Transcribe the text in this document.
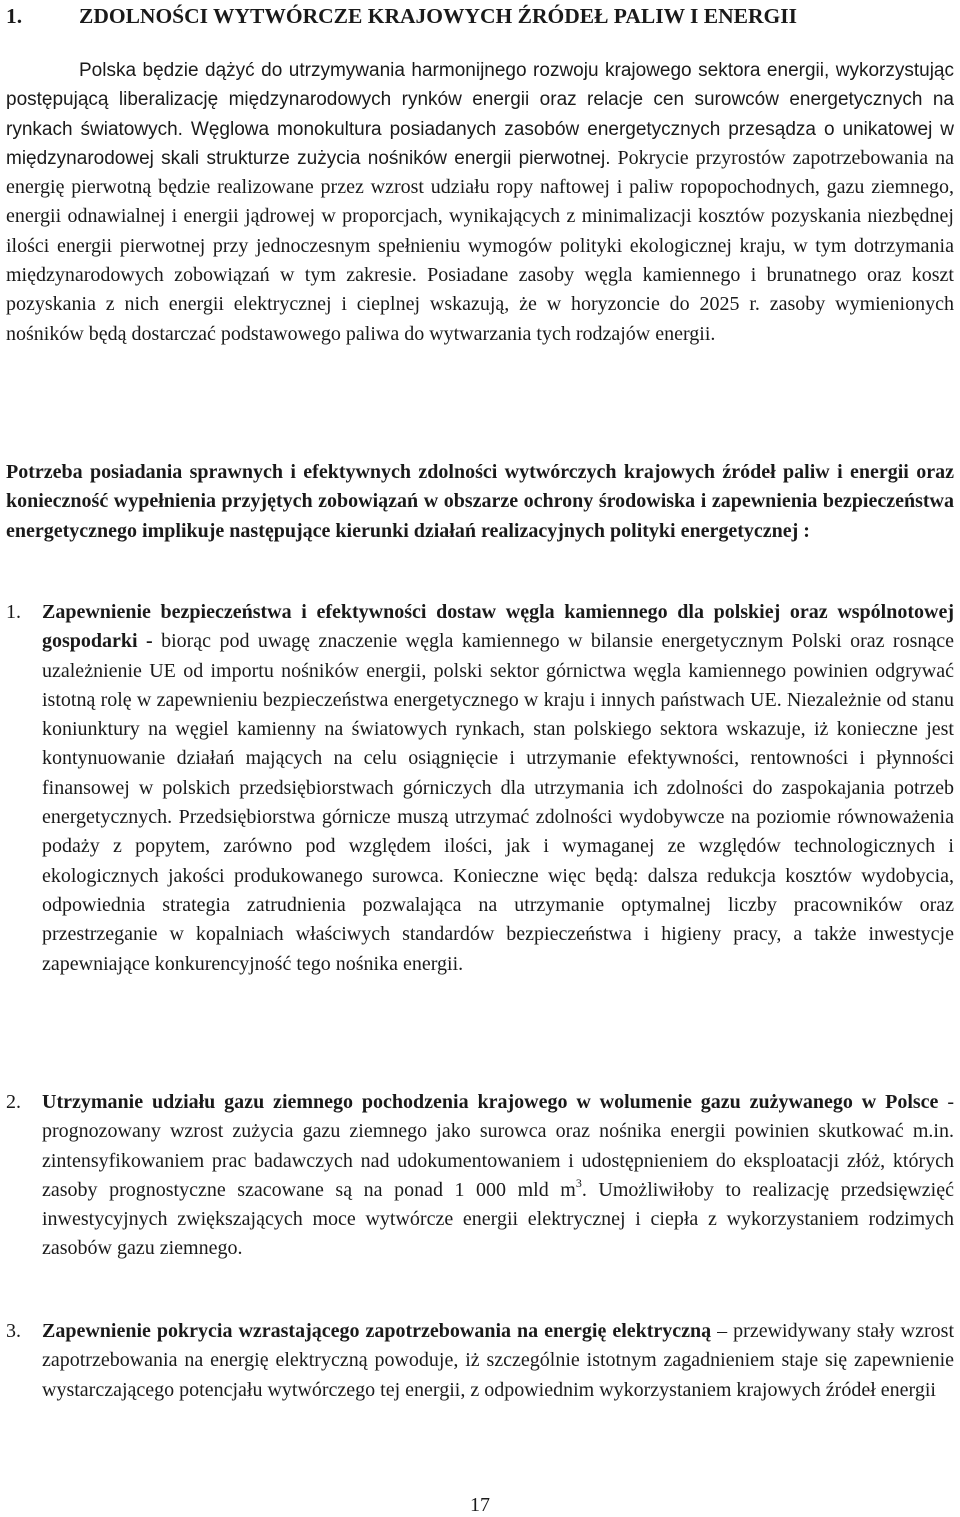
1.	ZDOLNOŚCI WYTWÓRCZE KRAJOWYCH ŹRÓDEŁ PALIW I ENERGII

Polska będzie dążyć do utrzymywania harmonijnego rozwoju krajowego sektora energii, wykorzystując postępującą liberalizację międzynarodowych rynków energii oraz relacje cen surowców energetycznych na rynkach światowych. Węglowa monokultura posiadanych zasobów energetycznych przesądza o unikatowej w międzynarodowej skali strukturze zużycia nośników energii pierwotnej. Pokrycie przyrostów zapotrzebowania na energię pierwotną będzie realizowane przez wzrost udziału ropy naftowej i paliw ropopochodnych, gazu ziemnego, energii odnawialnej i energii jądrowej w proporcjach, wynikających z minimalizacji kosztów pozyskania niezbędnej ilości energii pierwotnej przy jednoczesnym spełnieniu wymogów polityki ekologicznej kraju, w tym dotrzymania międzynarodowych zobowiązań w tym zakresie. Posiadane zasoby węgla kamiennego i brunatnego oraz koszt pozyskania z nich energii elektrycznej i cieplnej wskazują, że w horyzoncie do 2025 r. zasoby wymienionych nośników będą dostarczać podstawowego paliwa do wytwarzania tych rodzajów energii.

Potrzeba posiadania sprawnych i efektywnych zdolności wytwórczych krajowych źródeł paliw i energii oraz konieczność wypełnienia przyjętych zobowiązań w obszarze ochrony środowiska i zapewnienia bezpieczeństwa energetycznego implikuje następujące kierunki działań realizacyjnych polityki energetycznej :

1. Zapewnienie bezpieczeństwa i efektywności dostaw węgla kamiennego dla polskiej oraz wspólnotowej gospodarki - biorąc pod uwagę znaczenie węgla kamiennego w bilansie energetycznym Polski oraz rosnące uzależnienie UE od importu nośników energii, polski sektor górnictwa węgla kamiennego powinien odgrywać istotną rolę w zapewnieniu bezpieczeństwa energetycznego w kraju i innych państwach UE. Niezależnie od stanu koniunktury na węgiel kamienny na światowych rynkach, stan polskiego sektora wskazuje, iż konieczne jest kontynuowanie działań mających na celu osiągnięcie i utrzymanie efektywności, rentowności i płynności finansowej w polskich przedsiębiorstwach górniczych dla utrzymania ich zdolności do zaspokajania potrzeb energetycznych. Przedsiębiorstwa górnicze muszą utrzymać zdolności wydobywcze na poziomie równoważenia podaży z popytem, zarówno pod względem ilości, jak i wymaganej ze względów technologicznych i ekologicznych jakości produkowanego surowca. Konieczne więc będą: dalsza redukcja kosztów wydobycia, odpowiednia strategia zatrudnienia pozwalająca na utrzymanie optymalnej liczby pracowników oraz przestrzeganie w kopalniach właściwych standardów bezpieczeństwa i higieny pracy, a także inwestycje zapewniające konkurencyjność tego nośnika energii.
2. Utrzymanie udziału gazu ziemnego pochodzenia krajowego w wolumenie gazu zużywanego w Polsce - prognozowany wzrost zużycia gazu ziemnego jako surowca oraz nośnika energii powinien skutkować m.in. zintensyfikowaniem prac badawczych nad udokumentowaniem i udostępnieniem do eksploatacji złóż, których zasoby prognostyczne szacowane są na ponad 1 000 mld $m^3$. Umożliwiłoby to realizację przedsięwzięć inwestycyjnych zwiększających moce wytwórcze energii elektrycznej i ciepła z wykorzystaniem rodzimych zasobów gazu ziemnego.
3. Zapewnienie pokrycia wzrastającego zapotrzebowania na energię elektryczną – przewidywany stały wzrost zapotrzebowania na energię elektryczną powoduje, iż szczególnie istotnym zagadnieniem staje się zapewnienie wystarczającego potencjału wytwórczego tej energii, z odpowiednim wykorzystaniem krajowych źródeł energii
17
